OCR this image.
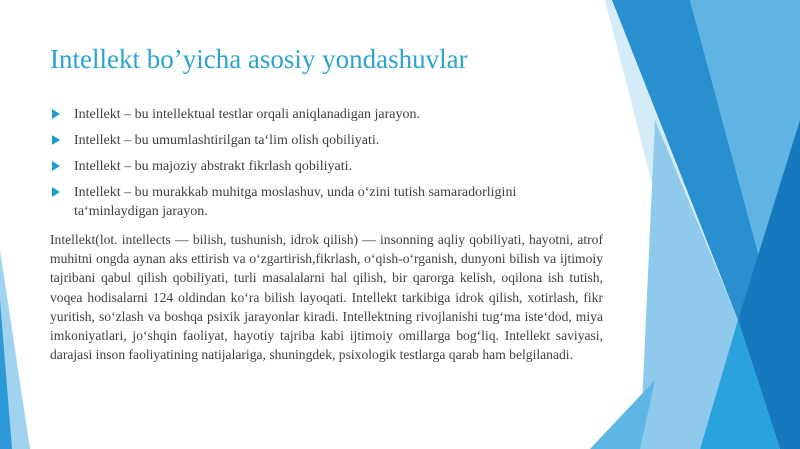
Intellekt bo’yicha asosiy yondashuvlar
Intellekt – bu intellektual testlar orqali aniqlanadigan jarayon.
Intellekt – bu umumlashtirilgan ta‘lim olish qobiliyati.
Intellekt – bu majoziy abstrakt fikrlash qobiliyati.
Intellekt – bu murakkab muhitga moslashuv, unda o‘zini tutish samaradorligini ta‘minlaydigan jarayon.

Intellekt(lot. intellects — bilish, tushunish, idrok qilish) — insonning aqliy qobiliyati, hayotni, atrof muhitni ongda aynan aks ettirish va o‘zgartirish,fikrlash, o‘qish-o‘rganish, dunyoni bilish va ijtimoiy tajribani qabul qilish qobiliyati, turli masalalarni hal qilish, bir qarorga kelish, oqilona ish tutish, voqea hodisalarni 124 oldindan ko‘ra bilish layoqati. Intellekt tarkibiga idrok qilish, xotirlash, fikr yuritish, so‘zlash va boshqa psixik jarayonlar kiradi. Intellektning rivojlanishi tug‘ma iste‘dod, miya imkoniyatlari, jo‘shqin faoliyat, hayotiy tajriba kabi ijtimoiy omillarga bog‘liq. Intellekt saviyasi, darajasi inson faoliyatining natijalariga, shuningdek, psixologik testlarga qarab ham belgilanadi.
